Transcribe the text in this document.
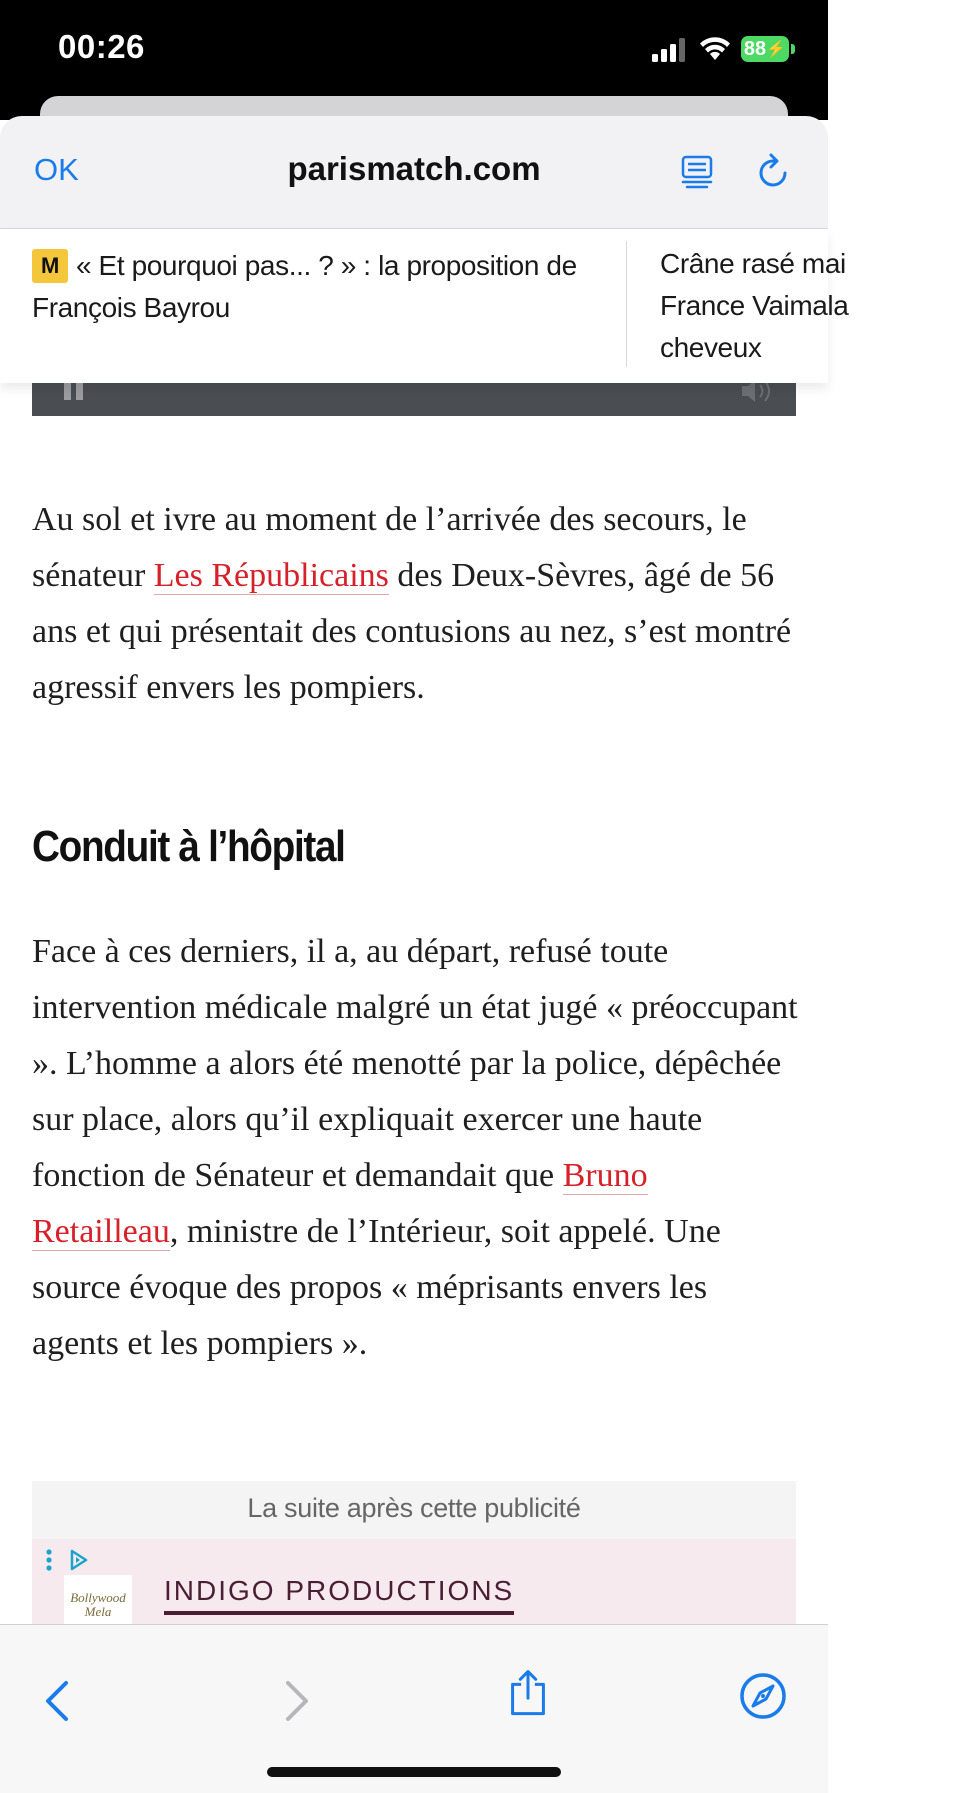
00:26	88 ⚡
OK	parismatch.com
M « Et pourquoi pas... ? » : la proposition de François Bayrou
Crâne rasé mai
France Vaimala
cheveux

Au sol et ivre au moment de l’arrivée des secours, le sénateur Les Républicains des Deux-Sèvres, âgé de 56 ans et qui présentait des contusions au nez, s’est montré agressif envers les pompiers.

Conduit à l’hôpital

Face à ces derniers, il a, au départ, refusé toute intervention médicale malgré un état jugé « préoccupant ». L’homme a alors été menotté par la police, dépêchée sur place, alors qu’il expliquait exercer une haute fonction de Sénateur et demandait que Bruno Retailleau, ministre de l’Intérieur, soit appelé. Une source évoque des propos « méprisants envers les agents et les pompiers ».

La suite après cette publicité
Bollywood Mela
INDIGO PRODUCTIONS
